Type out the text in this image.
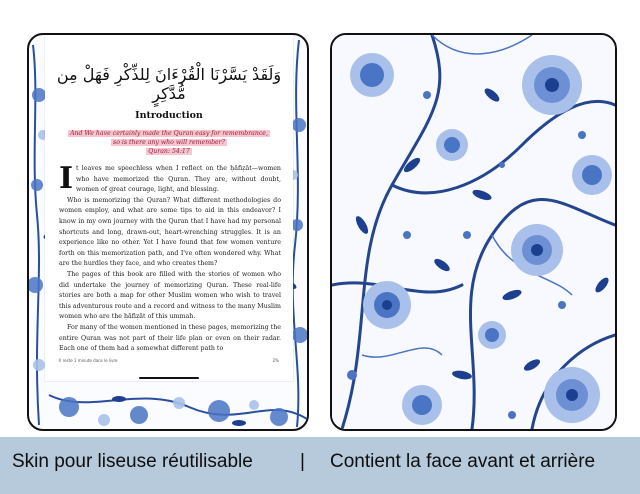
وَلَقَدْ يَسَّرْنَا الْقُرْءَانَ لِلذِّكْرِ فَهَلْ مِن مُّدَّكِرٍ
Introduction
And We have certainly made the Quran easy for remembrance,
so is there any who will remember?
Quran: 54:17

It leaves me speechless when I reflect on the ḥāfiẓāt—women who have memorized the Quran. They are, without doubt, women of great courage, light, and blessing.

Who is memorizing the Quran? What different methodologies do women employ, and what are some tips to aid in this endeavor? I know in my own journey with the Quran that I have had my personal shortcuts and long, drawn-out, heart-wrenching struggles. It is an experience like no other. Yet I have found that few women venture forth on this memorization path, and I've often wondered why. What are the hurdles they face, and who creates them?

The pages of this book are filled with the stories of women who did undertake the journey of memorizing Quran. These real-life stories are both a map for other Muslim women who wish to travel this adventurous route and a record and witness to the many Muslim women who are the ḥāfiẓāt of this ummah.

For many of the women mentioned in these pages, memorizing the entire Quran was not part of their life plan or even on their radar. Each one of them had a somewhat different path to

Il reste 1 minute dans le livre	2%
Skin pour liseuse réutilisable | Contient la face avant et arrière
